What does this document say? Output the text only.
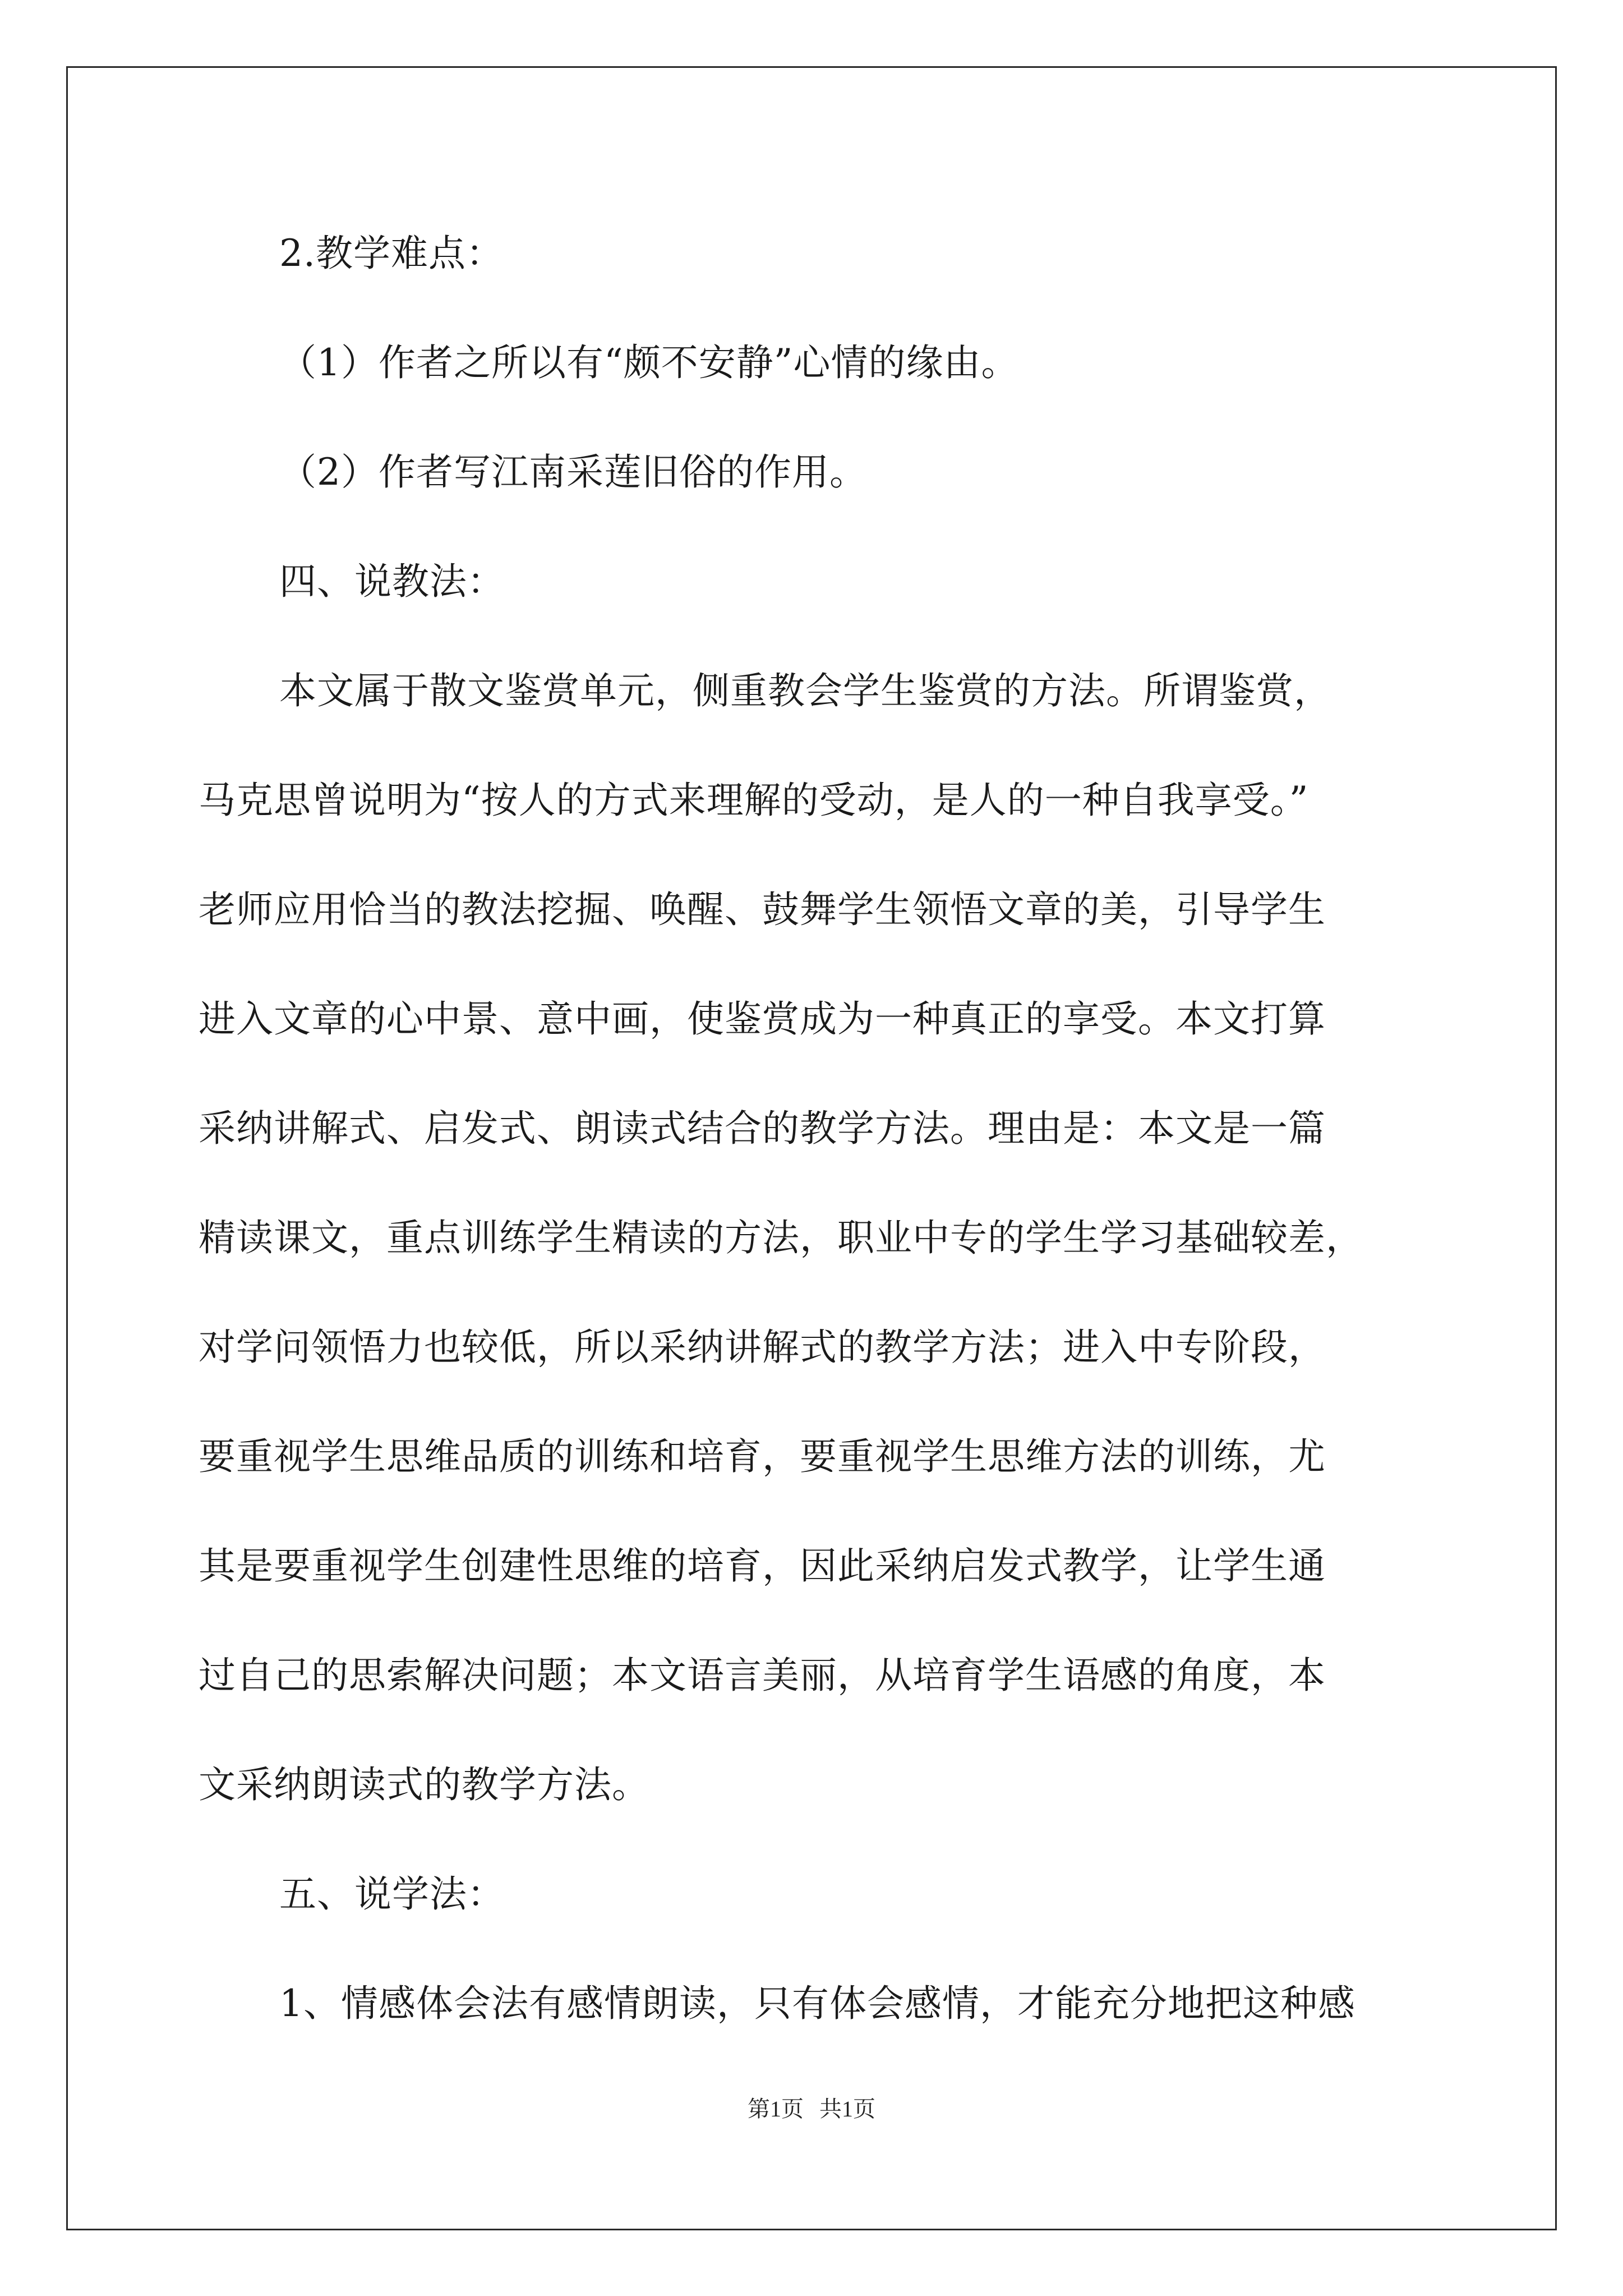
2.教学难点：
（1）作者之所以有“颇不安静”心情的缘由。
（2）作者写江南采莲旧俗的作用。
四、说教法：
本文属于散文鉴赏单元，侧重教会学生鉴赏的方法。所谓鉴赏，
马克思曾说明为“按人的方式来理解的受动，是人的一种自我享受。”
老师应用恰当的教法挖掘、唤醒、鼓舞学生领悟文章的美，引导学生
进入文章的心中景、意中画，使鉴赏成为一种真正的享受。本文打算
采纳讲解式、启发式、朗读式结合的教学方法。理由是：本文是一篇
精读课文，重点训练学生精读的方法，职业中专的学生学习基础较差，
对学问领悟力也较低，所以采纳讲解式的教学方法；进入中专阶段，
要重视学生思维品质的训练和培育，要重视学生思维方法的训练，尤
其是要重视学生创建性思维的培育，因此采纳启发式教学，让学生通
过自己的思索解决问题；本文语言美丽，从培育学生语感的角度，本
文采纳朗读式的教学方法。
五、说学法：
1、情感体会法有感情朗读，只有体会感情，才能充分地把这种感
第1页 共1页
